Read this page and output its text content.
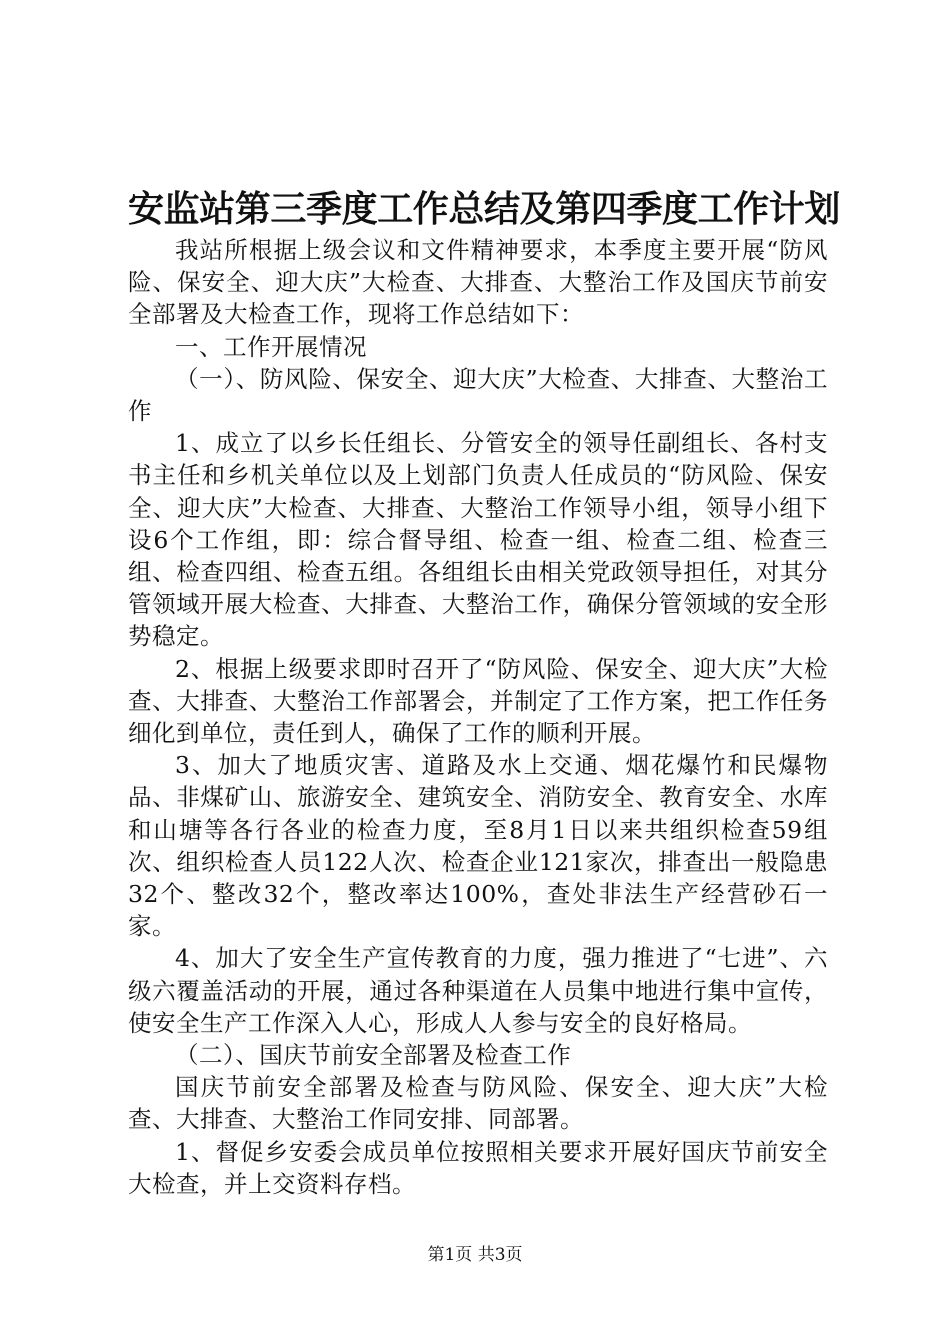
安监站第三季度工作总结及第四季度工作计划

我站所根据上级会议和文件精神要求，本季度主要开展“防风险、保安全、迎大庆”大检查、大排查、大整治工作及国庆节前安全部署及大检查工作，现将工作总结如下：

一、工作开展情况

（一）、防风险、保安全、迎大庆”大检查、大排查、大整治工作

1、成立了以乡长任组长、分管安全的领导任副组长、各村支书主任和乡机关单位以及上划部门负责人任成员的“防风险、保安全、迎大庆”大检查、大排查、大整治工作领导小组，领导小组下设6个工作组，即：综合督导组、检查一组、检查二组、检查三组、检查四组、检查五组。各组组长由相关党政领导担任，对其分管领域开展大检查、大排查、大整治工作，确保分管领域的安全形势稳定。

2、根据上级要求即时召开了“防风险、保安全、迎大庆”大检查、大排查、大整治工作部署会，并制定了工作方案，把工作任务细化到单位，责任到人，确保了工作的顺利开展。

3、加大了地质灾害、道路及水上交通、烟花爆竹和民爆物品、非煤矿山、旅游安全、建筑安全、消防安全、教育安全、水库和山塘等各行各业的检查力度，至8月1日以来共组织检查59组次、组织检查人员122人次、检查企业121家次，排查出一般隐患32个、整改32个，整改率达100%，查处非法生产经营砂石一家。

4、加大了安全生产宣传教育的力度，强力推进了“七进”、六级六覆盖活动的开展，通过各种渠道在人员集中地进行集中宣传，使安全生产工作深入人心，形成人人参与安全的良好格局。

（二）、国庆节前安全部署及检查工作

国庆节前安全部署及检查与防风险、保安全、迎大庆”大检查、大排查、大整治工作同安排、同部署。

1、督促乡安委会成员单位按照相关要求开展好国庆节前安全大检查，并上交资料存档。

第1页 共3页
